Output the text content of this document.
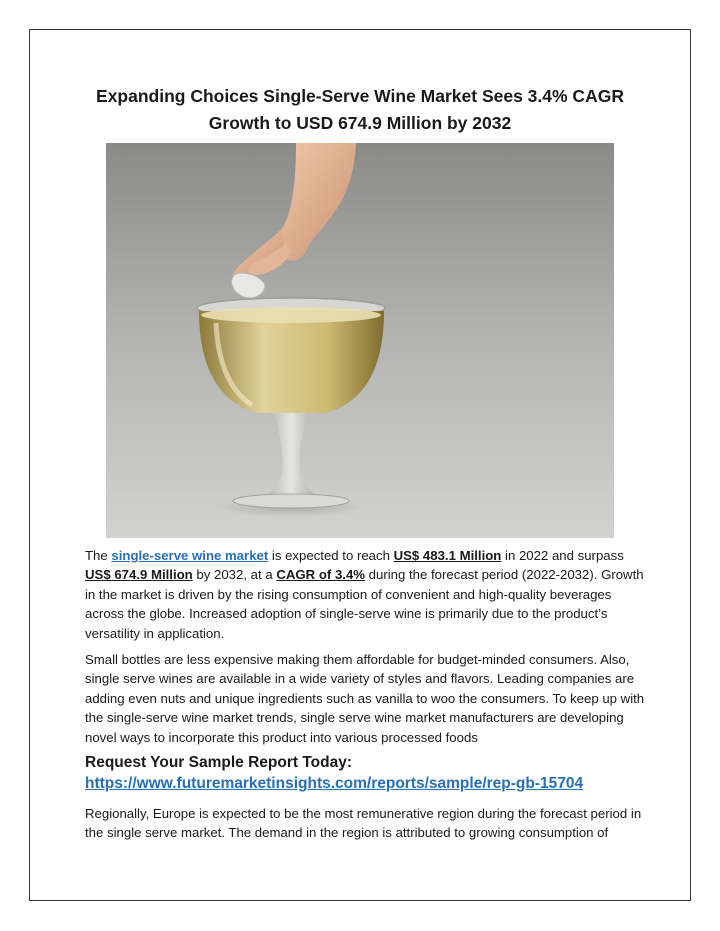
Expanding Choices Single-Serve Wine Market Sees 3.4% CAGR Growth to USD 674.9 Million by 2032

The single-serve wine market is expected to reach US$ 483.1 Million in 2022 and surpass US$ 674.9 Million by 2032, at a CAGR of 3.4% during the forecast period (2022-2032). Growth in the market is driven by the rising consumption of convenient and high-quality beverages across the globe. Increased adoption of single-serve wine is primarily due to the product’s versatility in application.

Small bottles are less expensive making them affordable for budget-minded consumers. Also, single serve wines are available in a wide variety of styles and flavors. Leading companies are adding even nuts and unique ingredients such as vanilla to woo the consumers. To keep up with the single-serve wine market trends, single serve wine market manufacturers are developing novel ways to incorporate this product into various processed foods

Request Your Sample Report Today:

https://www.futuremarketinsights.com/reports/sample/rep-gb-15704

Regionally, Europe is expected to be the most remunerative region during the forecast period in the single serve market. The demand in the region is attributed to growing consumption of
